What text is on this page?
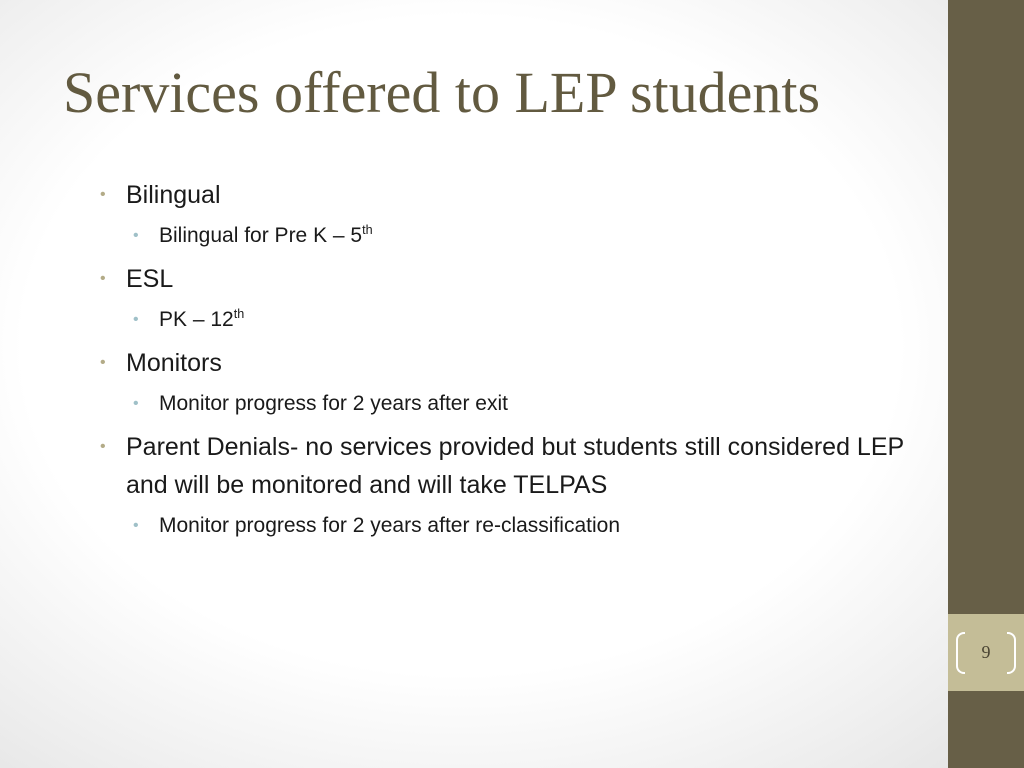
9
Services offered to LEP students
• Bilingual
• Bilingual for Pre K – 5th
• ESL
• PK – 12th
• Monitors
• Monitor progress for 2 years after exit
• Parent Denials- no services provided but students still considered LEP and will be monitored and will take TELPAS
• Monitor progress for 2 years after re-classification
